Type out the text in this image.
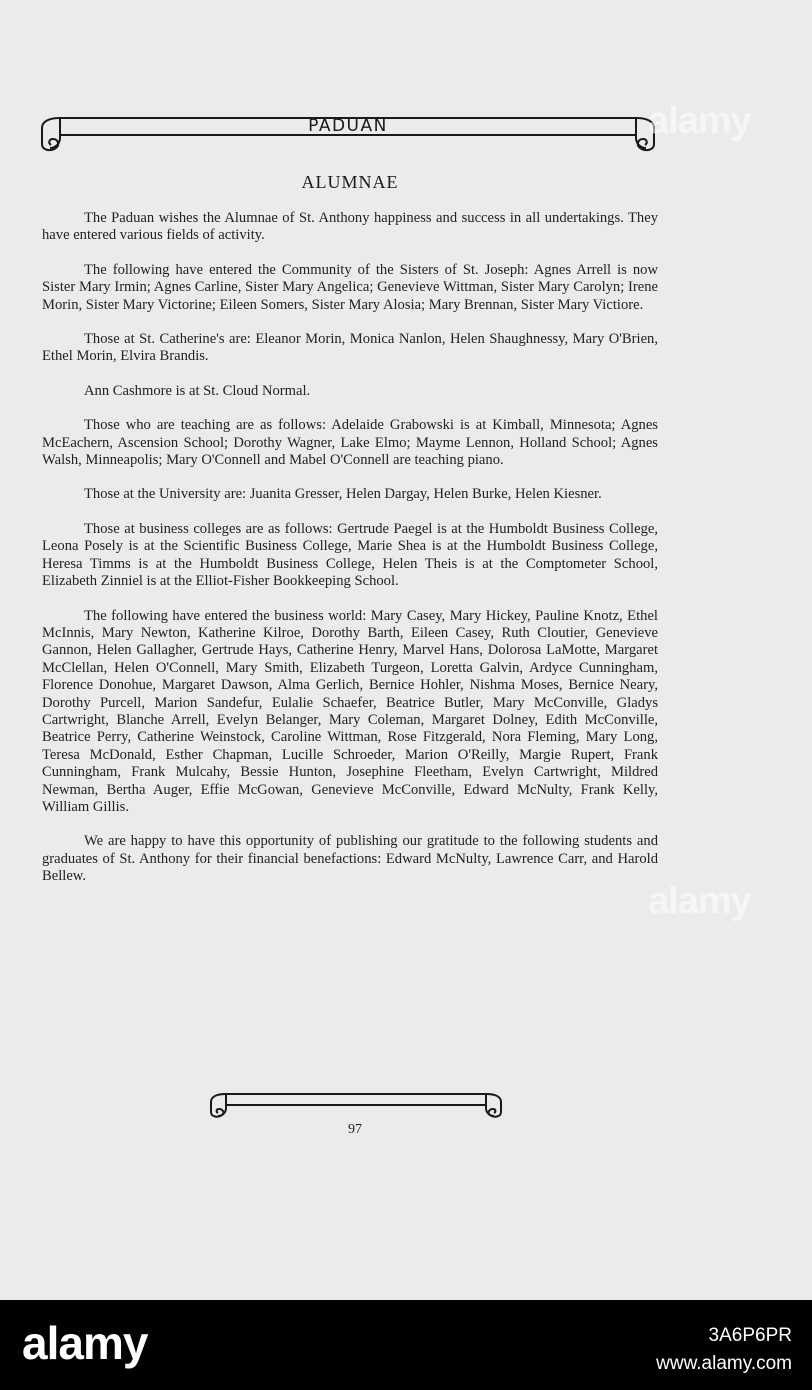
PADUAN
ALUMNAE

The Paduan wishes the Alumnae of St. Anthony happiness and success in all undertakings. They have entered various fields of activity.

The following have entered the Community of the Sisters of St. Joseph: Agnes Arrell is now Sister Mary Irmin; Agnes Carline, Sister Mary Angelica; Genevieve Wittman, Sister Mary Carolyn; Irene Morin, Sister Mary Victorine; Eileen Somers, Sister Mary Alosia; Mary Brennan, Sister Mary Victiore.

Those at St. Catherine's are: Eleanor Morin, Monica Nanlon, Helen Shaughnessy, Mary O'Brien, Ethel Morin, Elvira Brandis.

Ann Cashmore is at St. Cloud Normal.

Those who are teaching are as follows: Adelaide Grabowski is at Kimball, Minnesota; Agnes McEachern, Ascension School; Dorothy Wagner, Lake Elmo; Mayme Lennon, Holland School; Agnes Walsh, Minneapolis; Mary O'Connell and Mabel O'Connell are teaching piano.

Those at the University are: Juanita Gresser, Helen Dargay, Helen Burke, Helen Kiesner.

Those at business colleges are as follows: Gertrude Paegel is at the Humboldt Business College, Leona Posely is at the Scientific Business College, Marie Shea is at the Humboldt Business College, Heresa Timms is at the Humboldt Business College, Helen Theis is at the Comptometer School, Elizabeth Zinniel is at the Elliot-Fisher Bookkeeping School.

The following have entered the business world: Mary Casey, Mary Hickey, Pauline Knotz, Ethel McInnis, Mary Newton, Katherine Kilroe, Dorothy Barth, Eileen Casey, Ruth Cloutier, Genevieve Gannon, Helen Gallagher, Gertrude Hays, Catherine Henry, Marvel Hans, Dolorosa LaMotte, Margaret McClellan, Helen O'Connell, Mary Smith, Elizabeth Turgeon, Loretta Galvin, Ardyce Cunningham, Florence Donohue, Margaret Dawson, Alma Gerlich, Bernice Hohler, Nishma Moses, Bernice Neary, Dorothy Purcell, Marion Sandefur, Eulalie Schaefer, Beatrice Butler, Mary McConville, Gladys Cartwright, Blanche Arrell, Evelyn Belanger, Mary Coleman, Margaret Dolney, Edith McConville, Beatrice Perry, Catherine Weinstock, Caroline Wittman, Rose Fitzgerald, Nora Fleming, Mary Long, Teresa McDonald, Esther Chapman, Lucille Schroeder, Marion O'Reilly, Margie Rupert, Frank Cunningham, Frank Mulcahy, Bessie Hunton, Josephine Fleetham, Evelyn Cartwright, Mildred Newman, Bertha Auger, Effie McGowan, Genevieve McConville, Edward McNulty, Frank Kelly, William Gillis.

We are happy to have this opportunity of publishing our gratitude to the following students and graduates of St. Anthony for their financial benefactions: Edward McNulty, Lawrence Carr, and Harold Bellew.

97
alamy
alamy
alamy	3A6P6PR
www.alamy.com
